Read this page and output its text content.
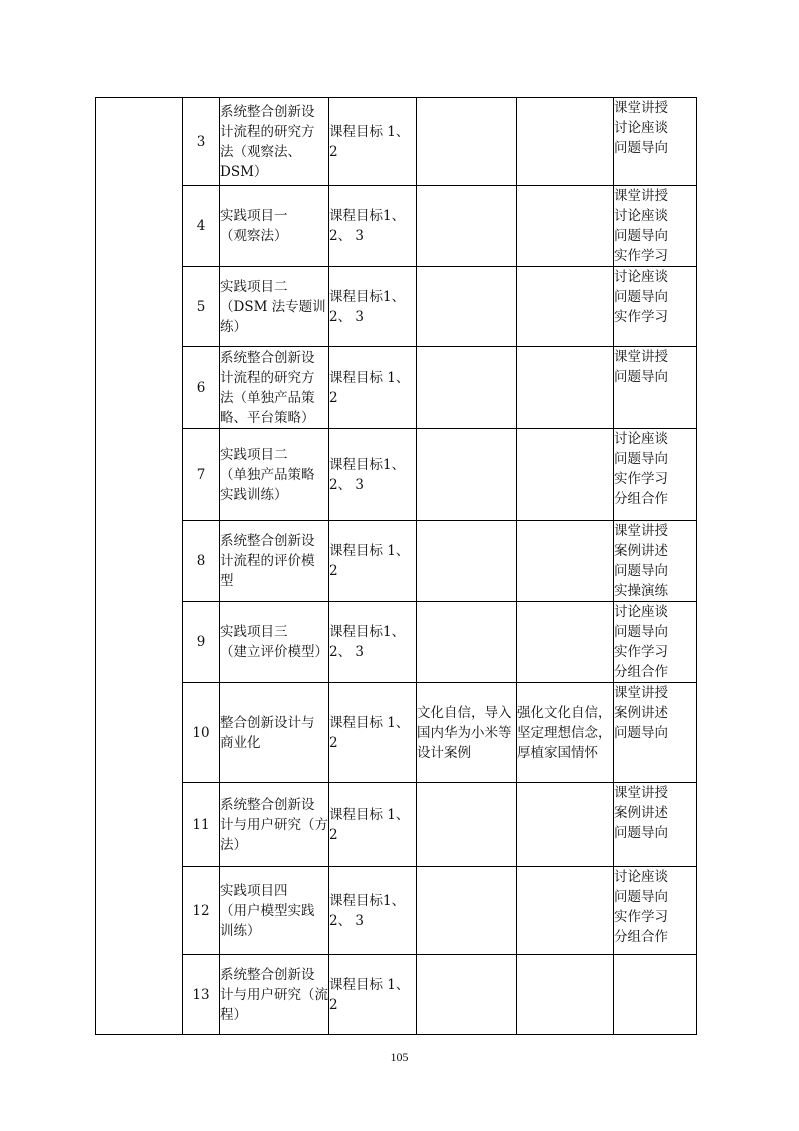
	3	系统整合创新设
计流程的研究方
法（观察法、
DSM）	课程目标 1、2			课堂讲授
讨论座谈
问题导向
	4	实践项目一
（观察法）	课程目标1、2、 3			课堂讲授
讨论座谈
问题导向
实作学习
	5	实践项目二
（DSM 法专题训
练）	课程目标1、2、 3			讨论座谈
问题导向
实作学习
	6	系统整合创新设
计流程的研究方
法（单独产品策
略、平台策略）	课程目标 1、2			课堂讲授
问题导向
	7	实践项目二
（单独产品策略
实践训练）	课程目标1、2、 3			讨论座谈
问题导向
实作学习
分组合作
	8	系统整合创新设
计流程的评价模
型	课程目标 1、2			课堂讲授
案例讲述
问题导向
实操演练
	9	实践项目三
（建立评价模型）	课程目标1、2、 3			讨论座谈
问题导向
实作学习
分组合作
	10	整合创新设计与
商业化	课程目标 1、2	文化自信，导入
国内华为小米等
设计案例	强化文化自信，
坚定理想信念，
厚植家国情怀	课堂讲授
案例讲述
问题导向
	11	系统整合创新设
计与用户研究（方
法）	课程目标 1、2			课堂讲授
案例讲述
问题导向
	12	实践项目四
（用户模型实践
训练）	课程目标1、2、 3			讨论座谈
问题导向
实作学习
分组合作
	13	系统整合创新设
计与用户研究（流
程）	课程目标 1、2			
105
